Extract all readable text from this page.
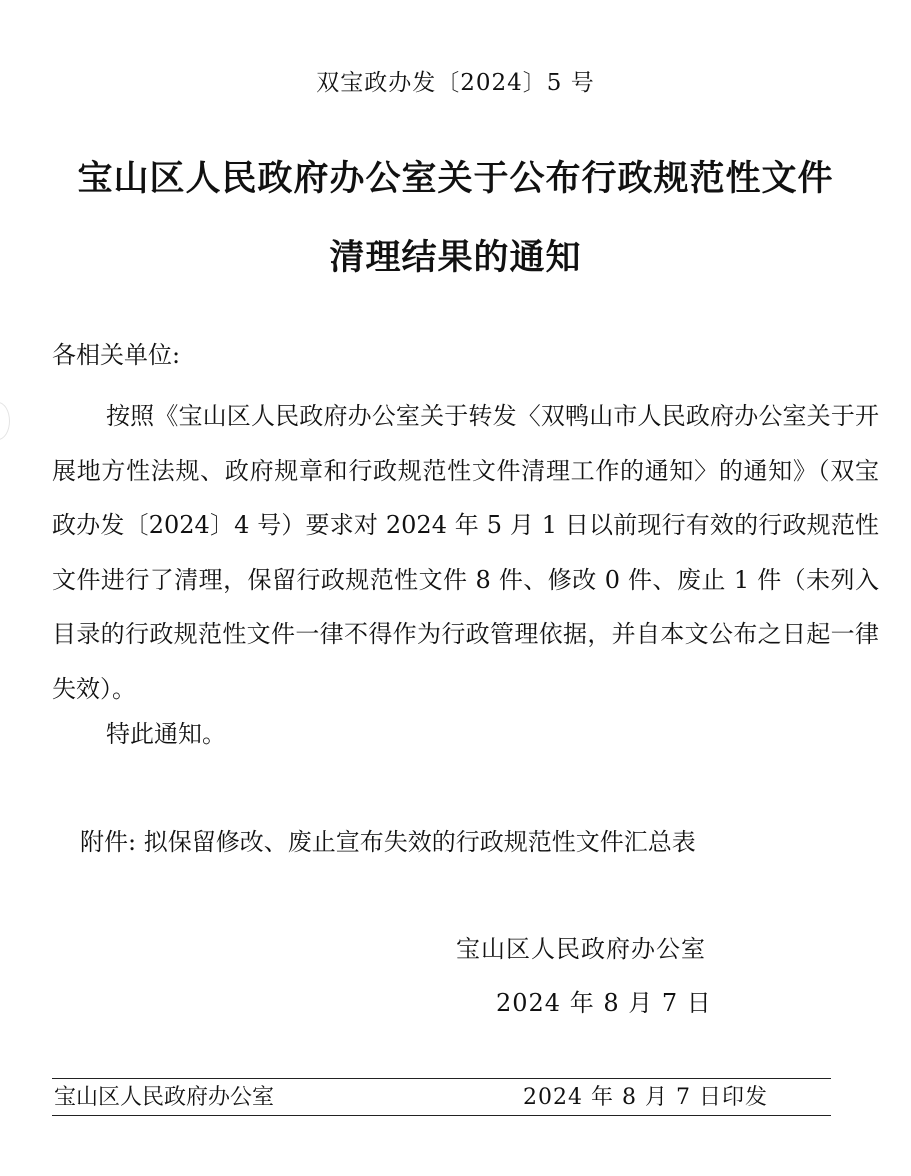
双宝政办发〔2024〕5 号
宝山区人民政府办公室关于公布行政规范性文件
清理结果的通知
各相关单位:

按照《宝山区人民政府办公室关于转发〈双鸭山市人民政府办公室关于开展地方性法规、政府规章和行政规范性文件清理工作的通知〉的通知》（双宝政办发〔2024〕4 号）要求对 2024 年 5 月 1 日以前现行有效的行政规范性文件进行了清理，保留行政规范性文件 8 件、修改 0 件、废止 1 件（未列入目录的行政规范性文件一律不得作为行政管理依据，并自本文公布之日起一律失效）。

特此通知。
附件: 拟保留修改、废止宣布失效的行政规范性文件汇总表
宝山区人民政府办公室
2024 年 8 月 7 日
宝山区人民政府办公室	2024 年 8 月 7 日印发
